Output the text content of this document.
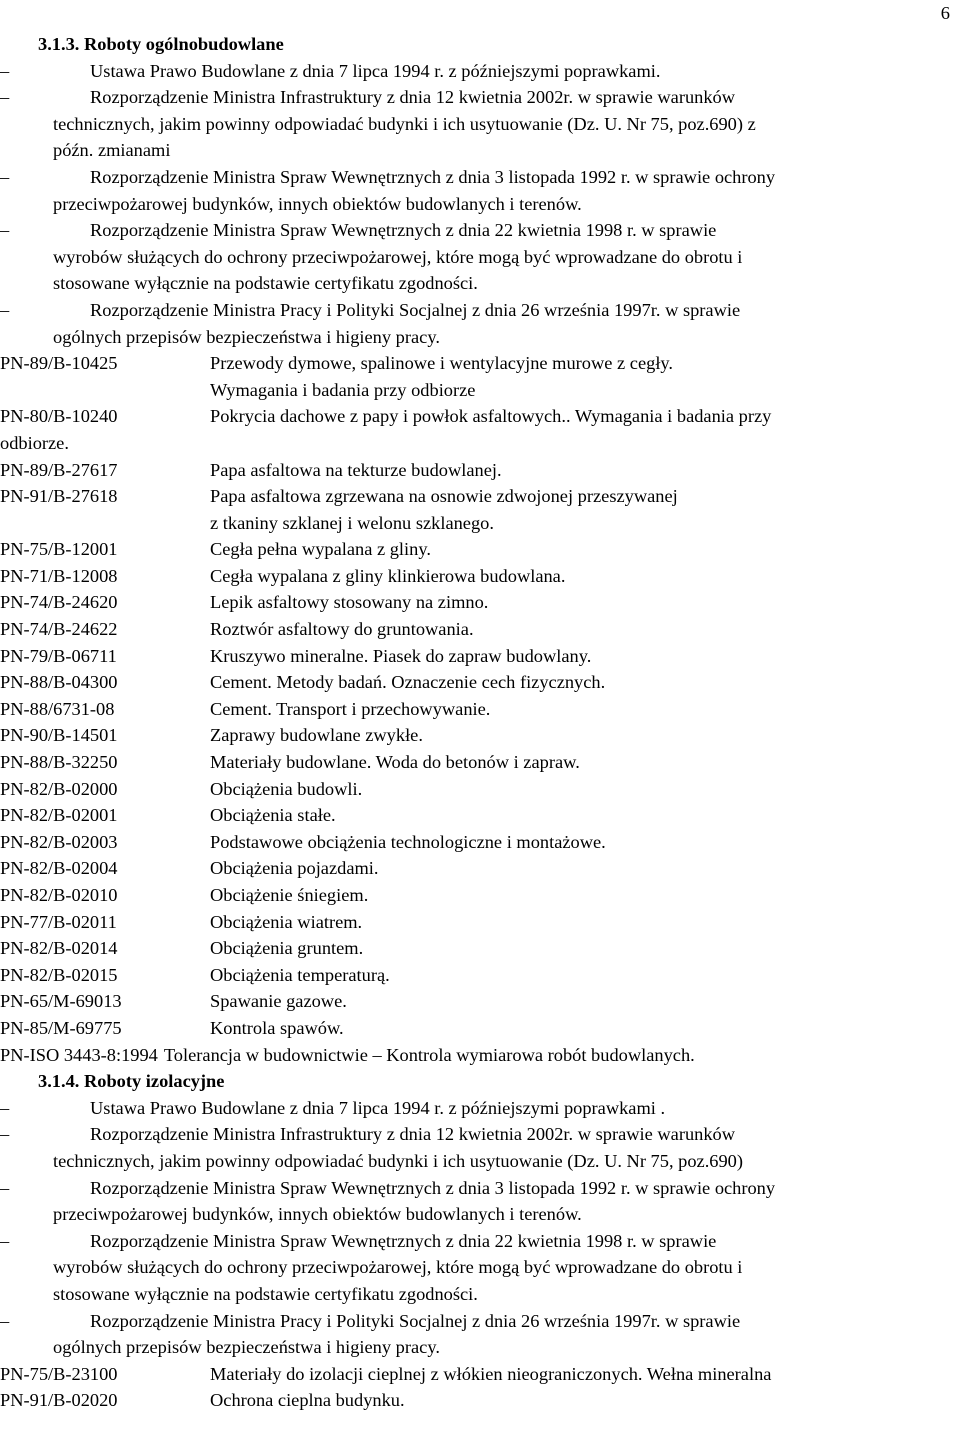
6
3.1.3. Roboty ogólnobudowlane
–	Ustawa Prawo Budowlane z dnia 7 lipca 1994 r. z późniejszymi poprawkami.
–	Rozporządzenie Ministra Infrastruktury z dnia 12 kwietnia 2002r. w sprawie warunków
technicznych, jakim powinny odpowiadać budynki i ich usytuowanie (Dz. U. Nr 75, poz.690) z
późn. zmianami
–	Rozporządzenie Ministra Spraw Wewnętrznych z dnia 3 listopada 1992 r. w sprawie ochrony
przeciwpożarowej budynków, innych obiektów budowlanych i terenów.
–	Rozporządzenie Ministra Spraw Wewnętrznych z dnia 22 kwietnia 1998 r. w sprawie
wyrobów służących do ochrony przeciwpożarowej, które mogą być wprowadzane do obrotu i
stosowane wyłącznie na podstawie certyfikatu zgodności.
–	Rozporządzenie Ministra Pracy i Polityki Socjalnej z dnia 26 września 1997r. w sprawie
ogólnych przepisów bezpieczeństwa i higieny pracy.
PN-89/B-10425	Przewody dymowe, spalinowe i wentylacyjne murowe z cegły.
Wymagania i badania przy odbiorze
PN-80/B-10240	Pokrycia dachowe z papy i powłok asfaltowych.. Wymagania i badania przy
odbiorze.
PN-89/B-27617	Papa asfaltowa na tekturze budowlanej.
PN-91/B-27618	Papa asfaltowa zgrzewana na osnowie zdwojonej przeszywanej
z tkaniny szklanej i welonu szklanego.
PN-75/B-12001	Cegła pełna wypalana z gliny.
PN-71/B-12008	Cegła wypalana z gliny klinkierowa budowlana.
PN-74/B-24620	Lepik asfaltowy stosowany na zimno.
PN-74/B-24622	Roztwór asfaltowy do gruntowania.
PN-79/B-06711	Kruszywo mineralne. Piasek do zapraw budowlany.
PN-88/B-04300	Cement. Metody badań. Oznaczenie cech fizycznych.
PN-88/6731-08	Cement. Transport i przechowywanie.
PN-90/B-14501	Zaprawy budowlane zwykłe.
PN-88/B-32250	Materiały budowlane. Woda do betonów i zapraw.
PN-82/B-02000	Obciążenia budowli.
PN-82/B-02001	Obciążenia stałe.
PN-82/B-02003	Podstawowe obciążenia technologiczne i montażowe.
PN-82/B-02004	Obciążenia pojazdami.
PN-82/B-02010	Obciążenie śniegiem.
PN-77/B-02011	Obciążenia wiatrem.
PN-82/B-02014	Obciążenia gruntem.
PN-82/B-02015	Obciążenia temperaturą.
PN-65/M-69013	Spawanie gazowe.
PN-85/M-69775	Kontrola spawów.
PN-ISO 3443-8:1994 Tolerancja w budownictwie – Kontrola wymiarowa robót budowlanych.
3.1.4. Roboty izolacyjne
–	Ustawa Prawo Budowlane z dnia 7 lipca 1994 r. z późniejszymi poprawkami .
–	Rozporządzenie Ministra Infrastruktury z dnia 12 kwietnia 2002r. w sprawie warunków
technicznych, jakim powinny odpowiadać budynki i ich usytuowanie (Dz. U. Nr 75, poz.690)
–	Rozporządzenie Ministra Spraw Wewnętrznych z dnia 3 listopada 1992 r. w sprawie ochrony
przeciwpożarowej budynków, innych obiektów budowlanych i terenów.
–	Rozporządzenie Ministra Spraw Wewnętrznych z dnia 22 kwietnia 1998 r. w sprawie
wyrobów służących do ochrony przeciwpożarowej, które mogą być wprowadzane do obrotu i
stosowane wyłącznie na podstawie certyfikatu zgodności.
–	Rozporządzenie Ministra Pracy i Polityki Socjalnej z dnia 26 września 1997r. w sprawie
ogólnych przepisów bezpieczeństwa i higieny pracy.
PN-75/B-23100	Materiały do izolacji cieplnej z włókien nieograniczonych. Wełna mineralna
PN-91/B-02020	Ochrona cieplna budynku.
